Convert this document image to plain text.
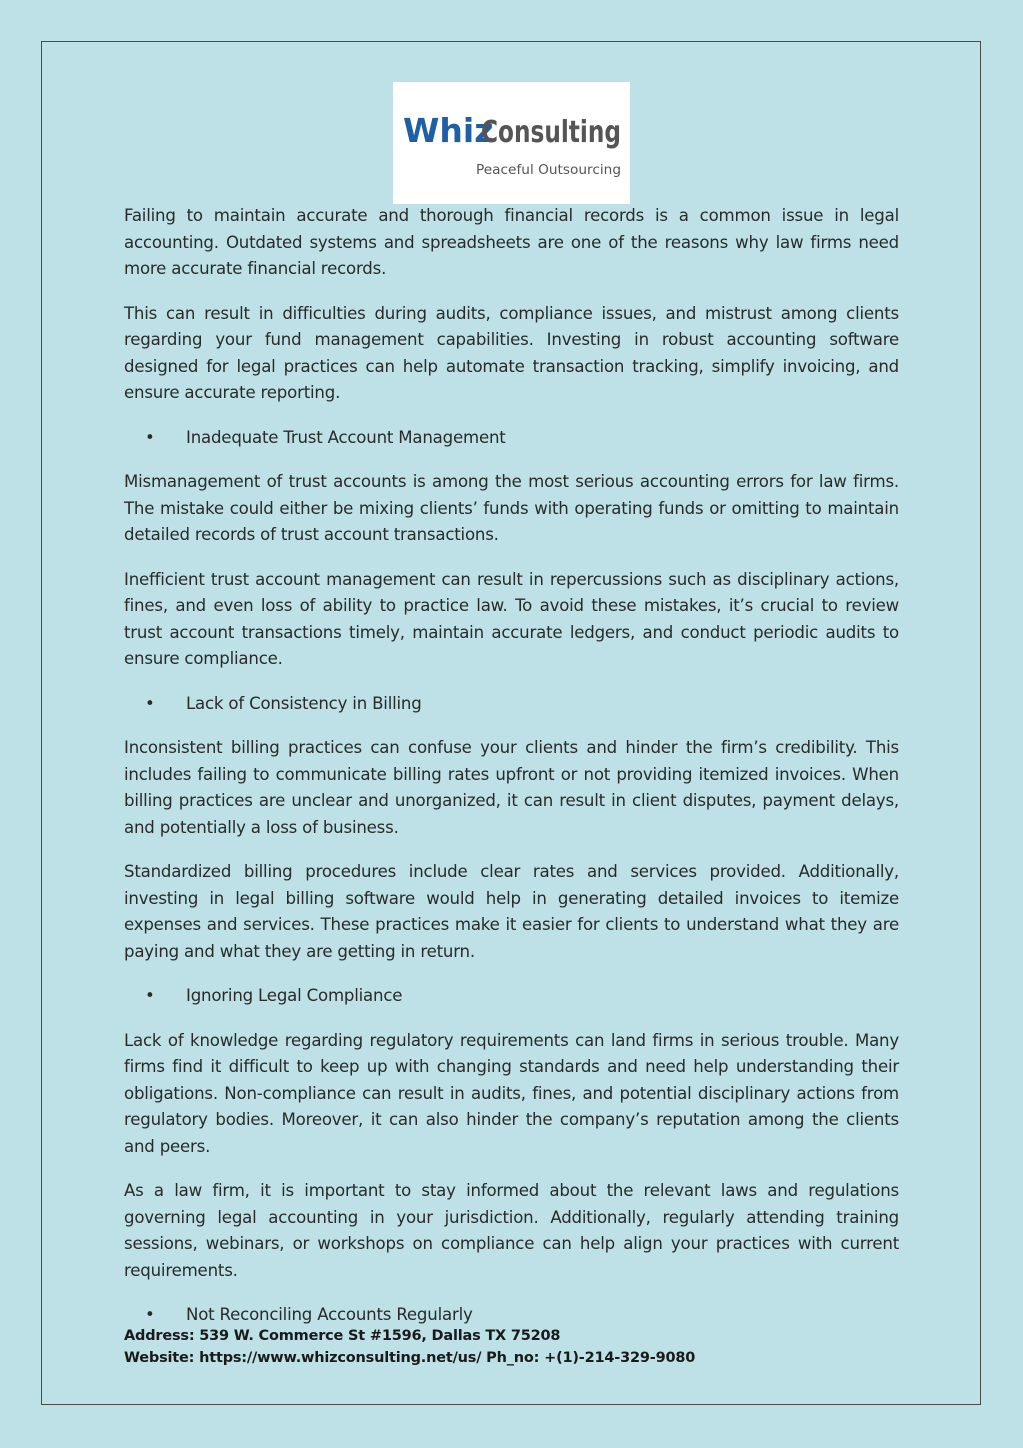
Whiz
Consulting
Peaceful Outsourcing

Failing to maintain accurate and thorough financial records is a common issue in legal accounting. Outdated systems and spreadsheets are one of the reasons why law firms need more accurate financial records.

This can result in difficulties during audits, compliance issues, and mistrust among clients regarding your fund management capabilities. Investing in robust accounting software designed for legal practices can help automate transaction tracking, simplify invoicing, and ensure accurate reporting.

• Inadequate Trust Account Management

Mismanagement of trust accounts is among the most serious accounting errors for law firms. The mistake could either be mixing clients’ funds with operating funds or omitting to maintain detailed records of trust account transactions.

Inefficient trust account management can result in repercussions such as disciplinary actions, fines, and even loss of ability to practice law. To avoid these mistakes, it’s crucial to review trust account transactions timely, maintain accurate ledgers, and conduct periodic audits to ensure compliance.

• Lack of Consistency in Billing

Inconsistent billing practices can confuse your clients and hinder the firm’s credibility. This includes failing to communicate billing rates upfront or not providing itemized invoices. When billing practices are unclear and unorganized, it can result in client disputes, payment delays, and potentially a loss of business.

Standardized billing procedures include clear rates and services provided. Additionally, investing in legal billing software would help in generating detailed invoices to itemize expenses and services. These practices make it easier for clients to understand what they are paying and what they are getting in return.

• Ignoring Legal Compliance

Lack of knowledge regarding regulatory requirements can land firms in serious trouble. Many firms find it difficult to keep up with changing standards and need help understanding their obligations. Non-compliance can result in audits, fines, and potential disciplinary actions from regulatory bodies. Moreover, it can also hinder the company’s reputation among the clients and peers.

As a law firm, it is important to stay informed about the relevant laws and regulations governing legal accounting in your jurisdiction. Additionally, regularly attending training sessions, webinars, or workshops on compliance can help align your practices with current requirements.

• Not Reconciling Accounts Regularly
Address: 539 W. Commerce St #1596, Dallas TX 75208
Website: https://www.whizconsulting.net/us/ Ph_no: +(1)-214-329-9080
